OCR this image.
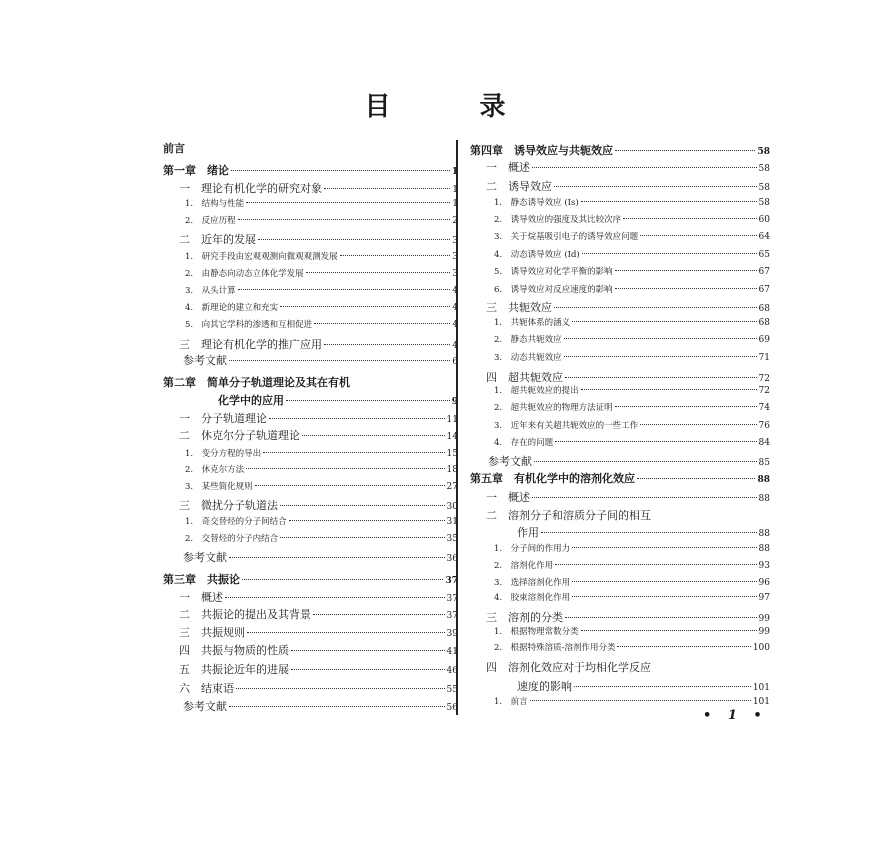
目 录
前言
第一章　绪论	1
一　理论有机化学的研究对象	1
1.　结构与性能	1
2.　反应历程	2
二　近年的发展	3
1.　研究手段由宏观观测向微观观测发展	3
2.　由静态向动态立体化学发展	3
3.　从头计算	4
4.　新理论的建立和充实	4
5.　向其它学科的渗透和互相促进	4
三　理论有机化学的推广应用	4
参考文献	6
第二章　简单分子轨道理论及其在有机
化学中的应用	9
一　分子轨道理论	11
二　休克尔分子轨道理论	14
1.　变分方程的导出	15
2.　休克尔方法	18
3.　某些简化规则	27
三　微扰分子轨道法	30
1.　奇交替烃的分子间结合	31
2.　交替烃的分子内结合	35
参考文献	36
第三章　共振论	37
一　概述	37
二　共振论的提出及其背景	37
三　共振规则	39
四　共振与物质的性质	41
五　共振论近年的进展	46
六　结束语	55
参考文献	56
第四章　诱导效应与共轭效应	58
一　概述	58
二　诱导效应	58
1.　静态诱导效应 (Is)	58
2.　诱导效应的强度及其比较次序	60
3.　关于烷基吸引电子的诱导效应问题	64
4.　动态诱导效应 (Id)	65
5.　诱导效应对化学平衡的影响	67
6.　诱导效应对反应速度的影响	67
三　共轭效应	68
1.　共轭体系的涵义	68
2.　静态共轭效应	69
3.　动态共轭效应	71
四　超共轭效应	72
1.　超共轭效应的提出	72
2.　超共轭效应的物理方法证明	74
3.　近年来有关超共轭效应的一些工作	76
4.　存在的问题	84
参考文献	85
第五章　有机化学中的溶剂化效应	88
一　概述	88
二　溶剂分子和溶质分子间的相互
作用	88
1.　分子间的作用力	88
2.　溶剂化作用	93
3.　选择溶剂化作用	96
4.　胶束溶剂化作用	97
三　溶剂的分类	99
1.　根据物理常数分类	99
2.　根据特殊溶质-溶剂作用分类	100
四　溶剂化效应对于均相化学反应
速度的影响	101
1.　前言	101
• 1 •
